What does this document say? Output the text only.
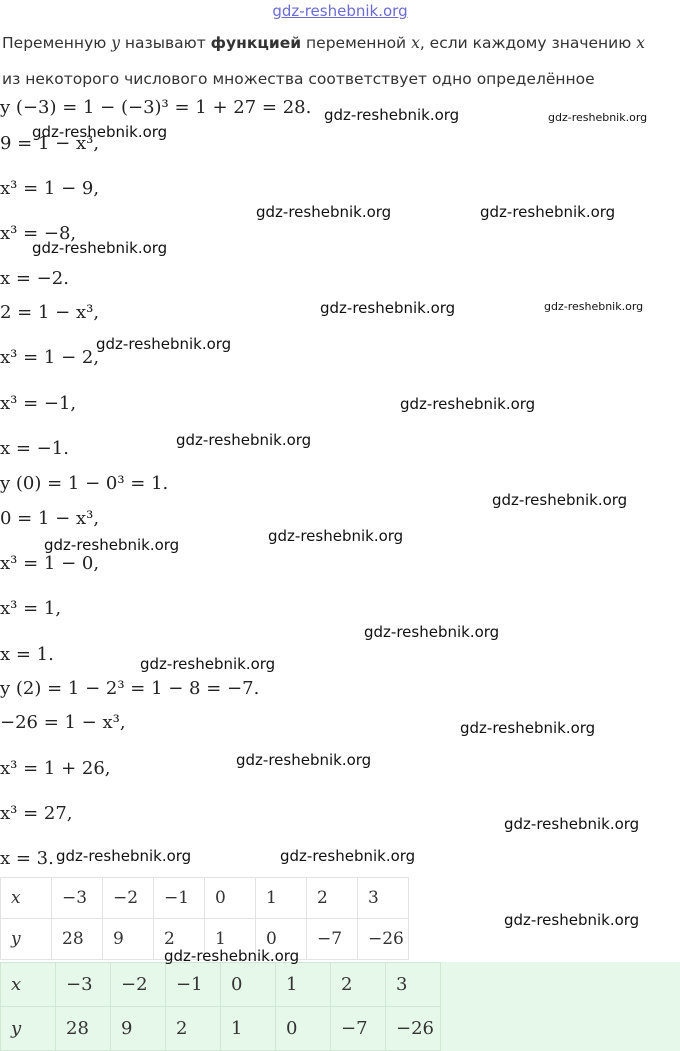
gdz-reshebnik.org
Переменную y называют функцией переменной x, если каждому значению x
из некоторого числового множества соответствует одно определённое
y (−3) = 1 − (−3)³ = 1 + 27 = 28.
9 = 1 − x³,
x³ = 1 − 9,
x³ = −8,
x = −2.
2 = 1 − x³,
x³ = 1 − 2,
x³ = −1,
x = −1.
y (0) = 1 − 0³ = 1.
0 = 1 − x³,
x³ = 1 − 0,
x³ = 1,
x = 1.
y (2) = 1 − 2³ = 1 − 8 = −7.
−26 = 1 − x³,
x³ = 1 + 26,
x³ = 27,
x = 3.
x	−3	−2	−1	0	1	2	3
y	28	9	2	1	0	−7	−26
x	−3	−2	−1	0	1	2	3
y	28	9	2	1	0	−7	−26
gdz-reshebnik.org	gdz-reshebnik.org
gdz-reshebnik.org
gdz-reshebnik.org	gdz-reshebnik.org
gdz-reshebnik.org
gdz-reshebnik.org	gdz-reshebnik.org
gdz-reshebnik.org
gdz-reshebnik.org
gdz-reshebnik.org
gdz-reshebnik.org
gdz-reshebnik.org
gdz-reshebnik.org
gdz-reshebnik.org
gdz-reshebnik.org
gdz-reshebnik.org
gdz-reshebnik.org
gdz-reshebnik.org
gdz-reshebnik.org	gdz-reshebnik.org
gdz-reshebnik.org
gdz-reshebnik.org
